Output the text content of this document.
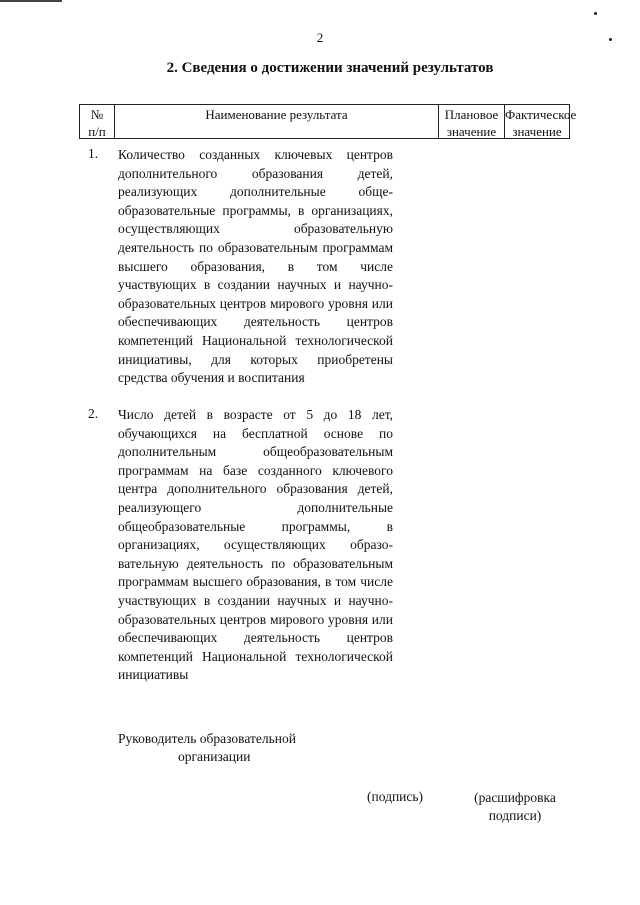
2
2. Сведения о достижении значений результатов
№
п/п
Наименование результата	Плановое
значение
Фактическое
значение
1. Количество созданных ключевых центров дополнительного образования детей, реализующих дополнительные общеобразовательные программы, в организациях, осуществляющих образовательную деятельность по образовательным программам высшего образования, в том числе участвующих в создании научных и научно-образовательных центров мирового уровня или обеспечивающих деятельность центров компетенций Национальной технологической инициативы, для которых приобретены средства обучения и воспитания
2. Число детей в возрасте от 5 до 18 лет, обучающихся на бесплатной основе по дополнительным общеобразовательным программам на базе созданного ключевого центра дополнительного образования детей, реализующего дополнительные общеобразовательные программы, в организациях, осуществляющих образовательную деятельность по образовательным программам высшего образования, в том числе участвующих в создании научных и научно-образовательных центров мирового уровня или обеспечивающих деятельность центров компетенций Национальной технологической инициативы
Руководитель образовательной
организации
(подпись)	(расшифровка
подписи)
